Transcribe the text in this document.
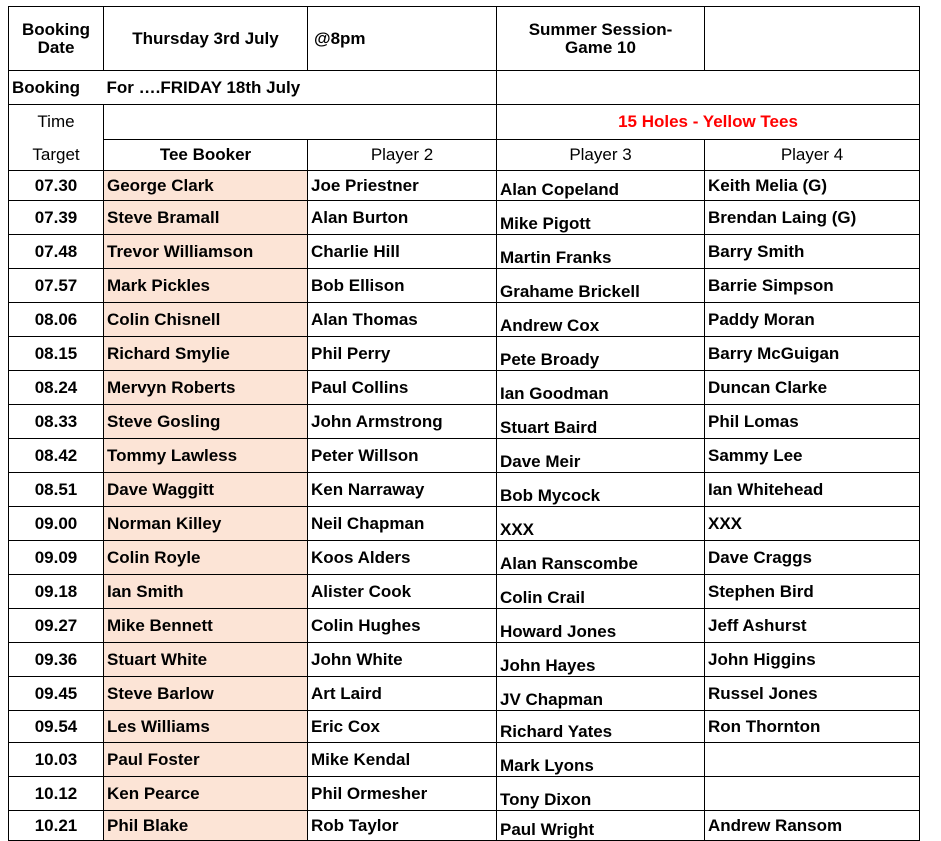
Booking Date	Thursday 3rd July	@8pm	Summer Session-Game 10	
Booking	For ….FRIDAY 18th July			
Time			15 Holes - Yellow Tees	
Target	Tee Booker	Player 2	Player 3	Player 4
07.30	George Clark	Joe Priestner	Alan Copeland	Keith Melia (G)
07.39	Steve Bramall	Alan Burton	Mike Pigott	Brendan Laing (G)
07.48	Trevor Williamson	Charlie Hill	Martin Franks	Barry Smith
07.57	Mark Pickles	Bob Ellison	Grahame Brickell	Barrie Simpson
08.06	Colin Chisnell	Alan Thomas	Andrew Cox	Paddy Moran
08.15	Richard Smylie	Phil Perry	Pete Broady	Barry McGuigan
08.24	Mervyn Roberts	Paul Collins	Ian Goodman	Duncan Clarke
08.33	Steve Gosling	John Armstrong	Stuart Baird	Phil Lomas
08.42	Tommy Lawless	Peter Willson	Dave Meir	Sammy Lee
08.51	Dave Waggitt	Ken Narraway	Bob Mycock	Ian Whitehead
09.00	Norman Killey	Neil Chapman	XXX	XXX
09.09	Colin Royle	Koos Alders	Alan Ranscombe	Dave Craggs
09.18	Ian Smith	Alister Cook	Colin Crail	Stephen Bird
09.27	Mike Bennett	Colin Hughes	Howard Jones	Jeff Ashurst
09.36	Stuart White	John White	John Hayes	John Higgins
09.45	Steve Barlow	Art Laird	JV Chapman	Russel Jones
09.54	Les Williams	Eric Cox	Richard Yates	Ron Thornton
10.03	Paul Foster	Mike Kendal	Mark Lyons	
10.12	Ken Pearce	Phil Ormesher	Tony Dixon	
10.21	Phil Blake	Rob Taylor	Paul Wright	Andrew Ransom
